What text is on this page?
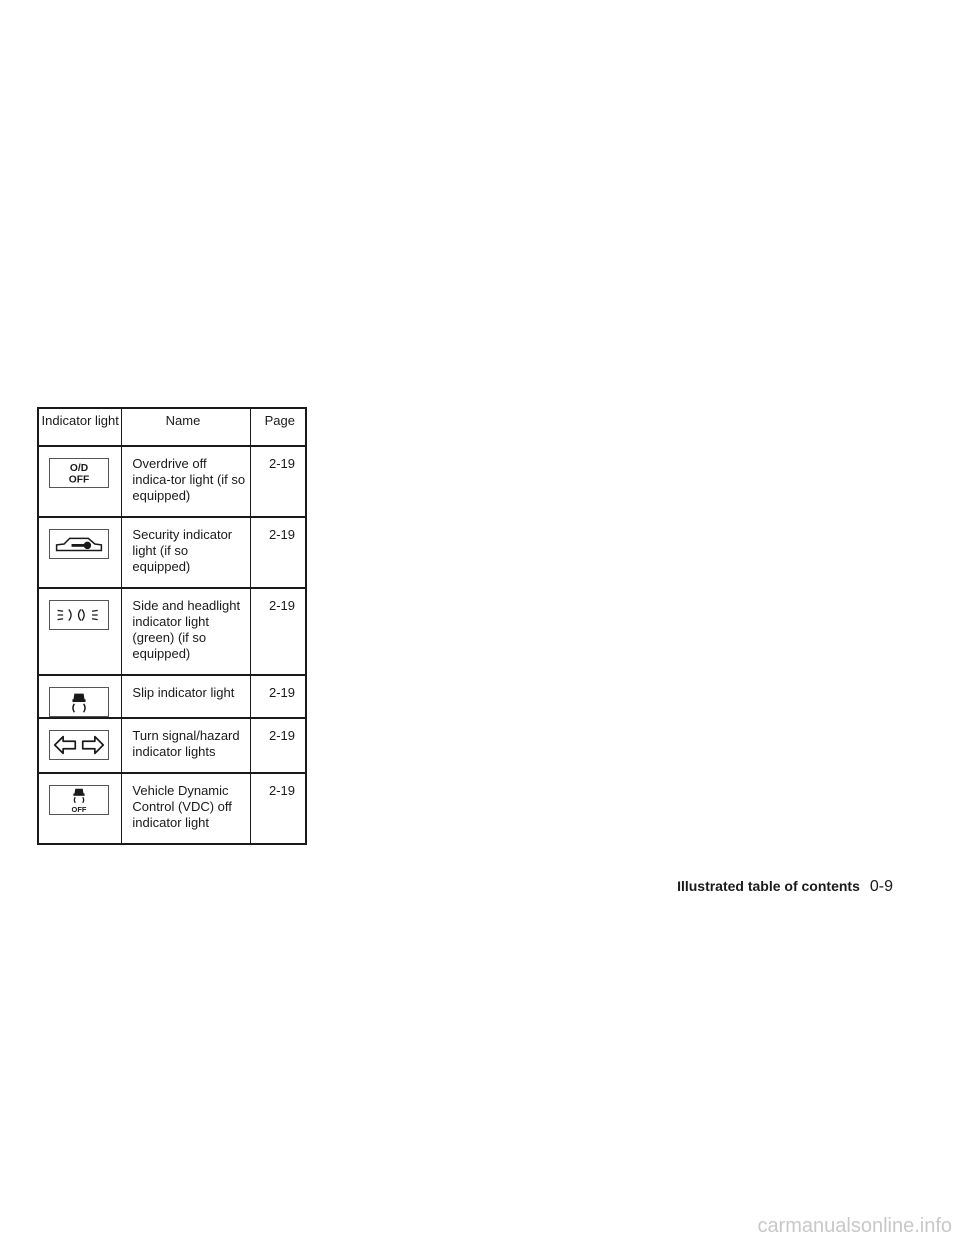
Indicator light	Name	Page

O/D
OFF	Overdrive off indica-tor light (if so equipped)	2-19

	Security indicator light (if so equipped)	2-19

	Side and headlight indicator light (green) (if so equipped)	2-19

	Slip indicator light	2-19

	Turn signal/hazard indicator lights	2-19

OFF	Vehicle Dynamic Control (VDC) off indicator light	2-19
Illustrated table of contents 0-9
carmanualsonline.info
